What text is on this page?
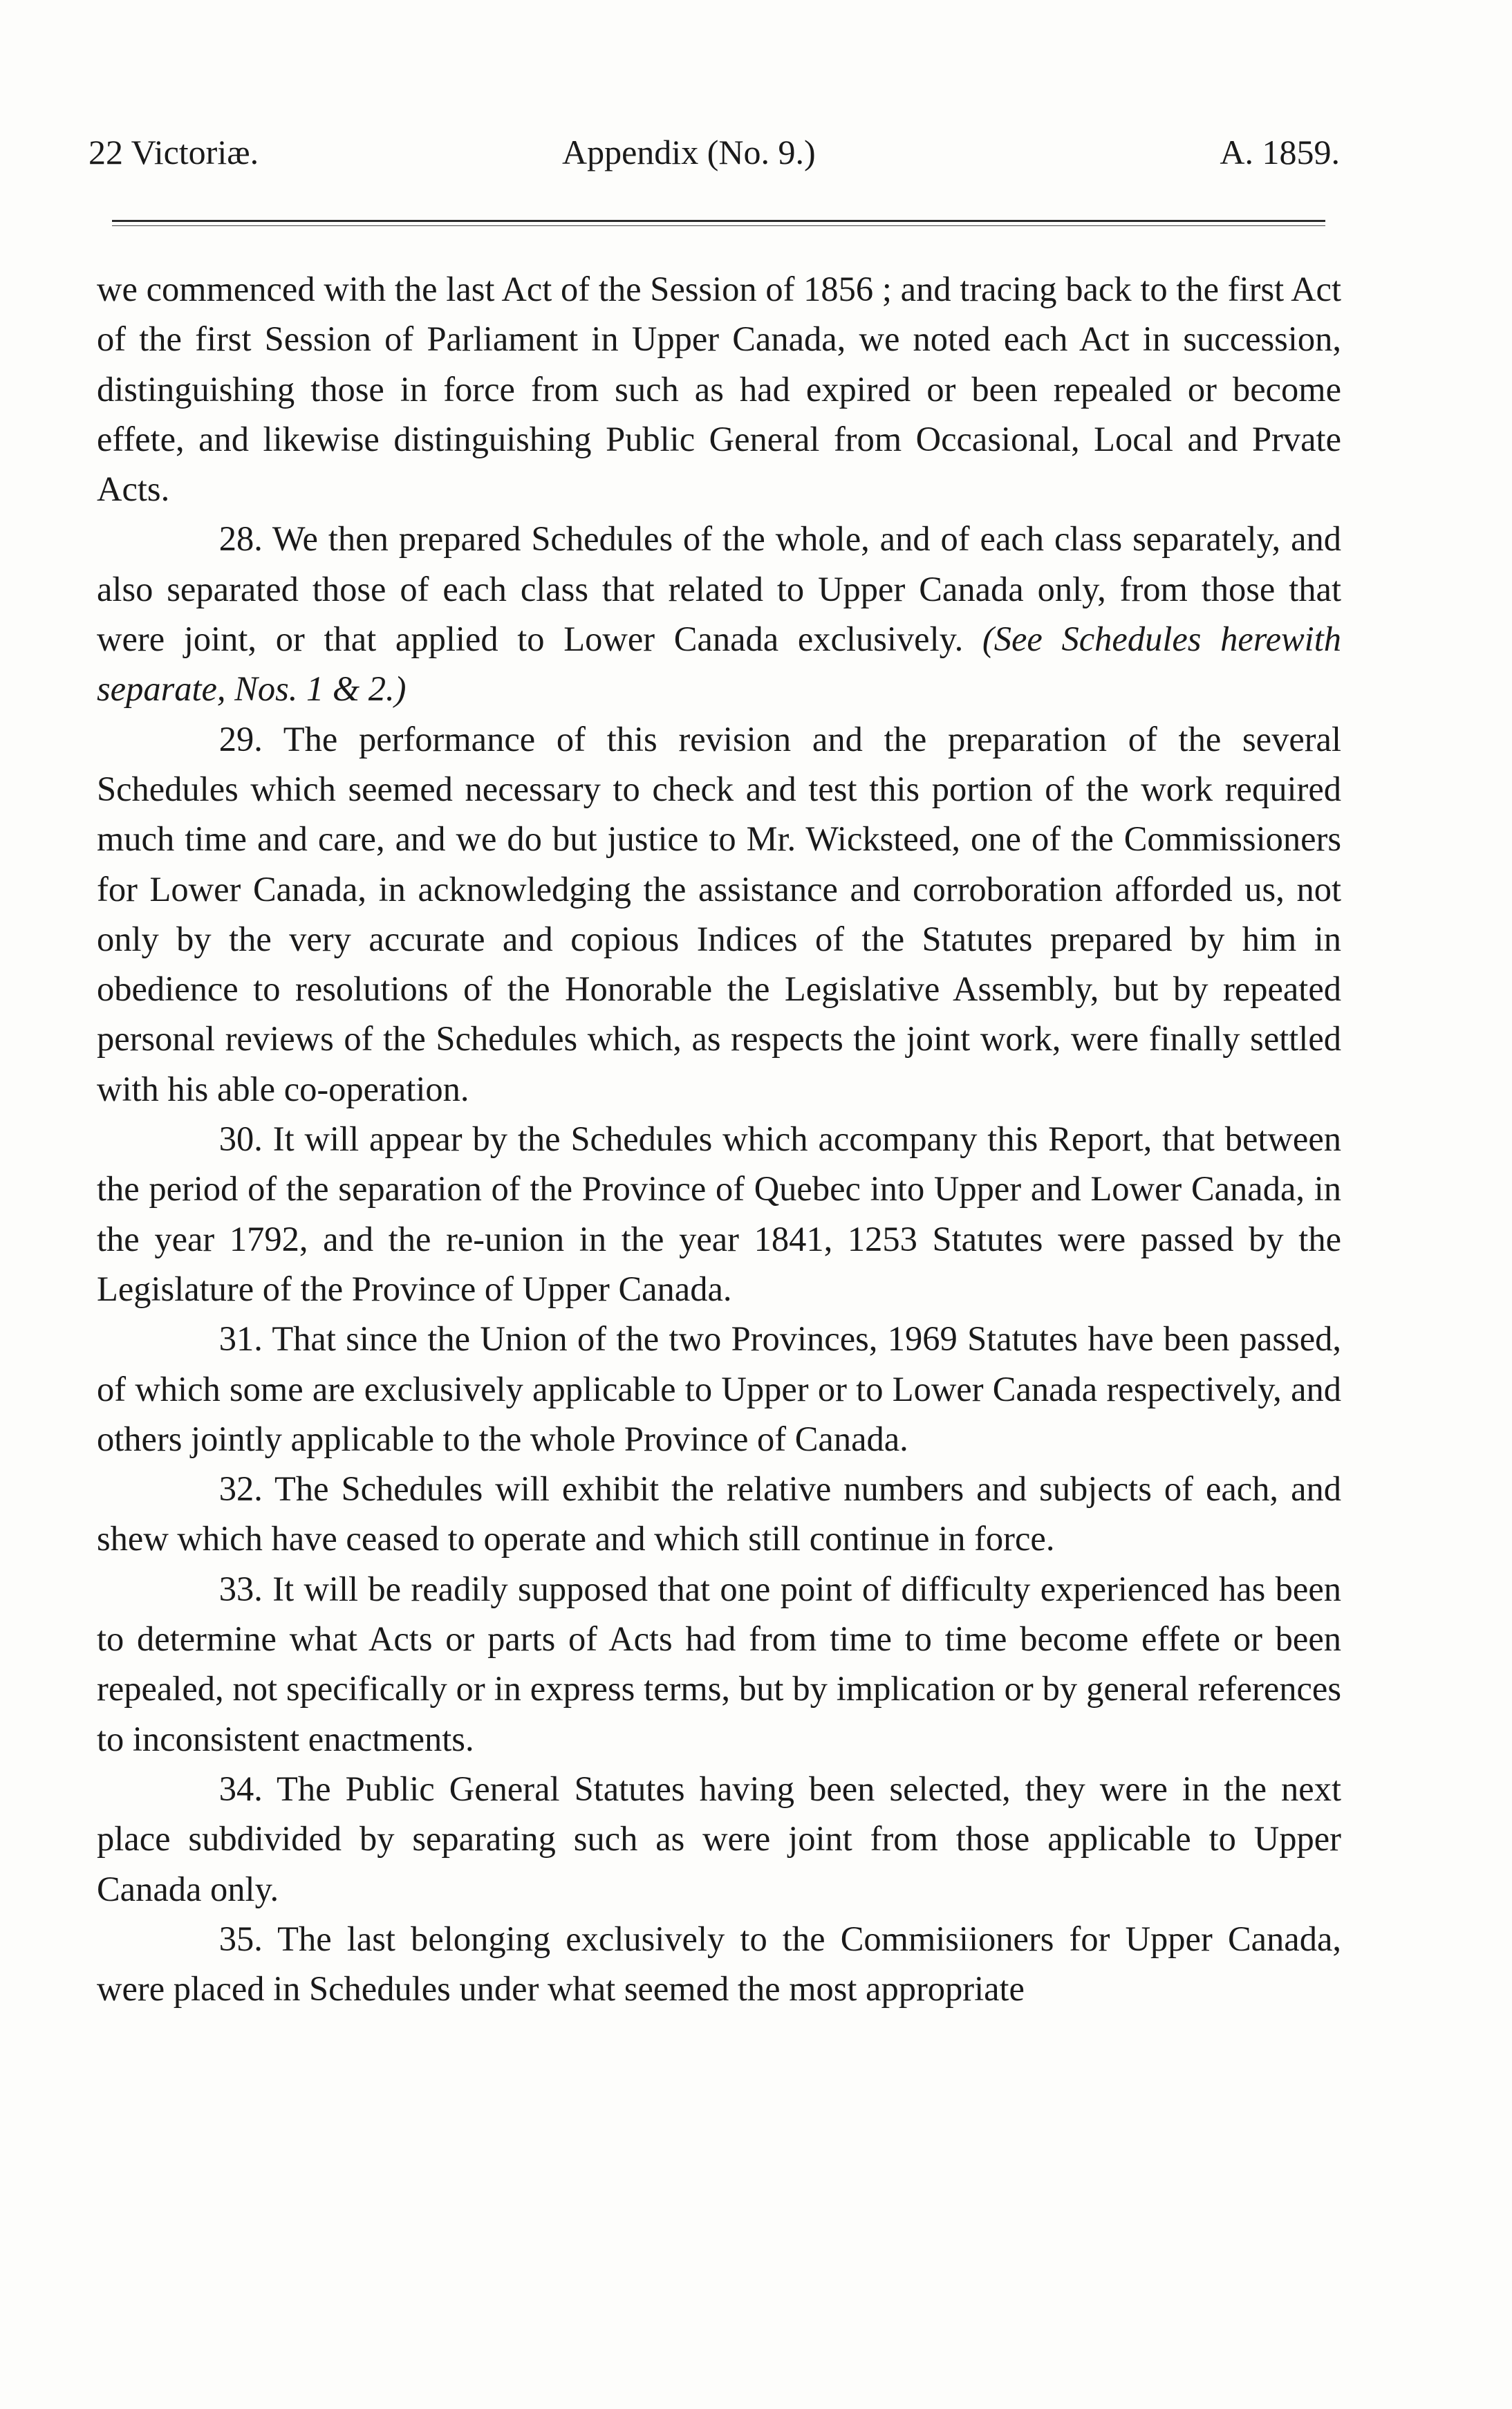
22 Victoriæ.	Appendix (No. 9.)	A. 1859.

we commenced with the last Act of the Session of 1856 ; and tracing back to the first Act of the first Session of Parliament in Upper Canada, we noted each Act in succession, distinguishing those in force from such as had expired or been repealed or become effete, and likewise distinguishing Public General from Occasional, Local and Prvate Acts.

28. We then prepared Schedules of the whole, and of each class separately, and also separated those of each class that related to Upper Canada only, from those that were joint, or that applied to Lower Canada exclusively. (See Schedules herewith separate, Nos. 1 & 2.)

29. The performance of this revision and the preparation of the several Schedules which seemed necessary to check and test this portion of the work required much time and care, and we do but justice to Mr. Wicksteed, one of the Commissioners for Lower Canada, in acknowledging the assistance and corroboration afforded us, not only by the very accurate and copious Indices of the Statutes prepared by him in obedience to resolutions of the Honorable the Legislative Assembly, but by repeated personal reviews of the Schedules which, as respects the joint work, were finally settled with his able co-operation.

30. It will appear by the Schedules which accompany this Report, that between the period of the separation of the Province of Quebec into Upper and Lower Canada, in the year 1792, and the re-union in the year 1841, 1253 Statutes were passed by the Legislature of the Province of Upper Canada.

31. That since the Union of the two Provinces, 1969 Statutes have been passed, of which some are exclusively applicable to Upper or to Lower Canada respectively, and others jointly applicable to the whole Province of Canada.

32. The Schedules will exhibit the relative numbers and subjects of each, and shew which have ceased to operate and which still continue in force.

33. It will be readily supposed that one point of difficulty experienced has been to determine what Acts or parts of Acts had from time to time become effete or been repealed, not specifically or in express terms, but by implication or by general references to inconsistent enactments.

34. The Public General Statutes having been selected, they were in the next place subdivided by separating such as were joint from those applicable to Upper Canada only.

35. The last belonging exclusively to the Commisiioners for Upper Canada, were placed in Schedules under what seemed the most appropriate
